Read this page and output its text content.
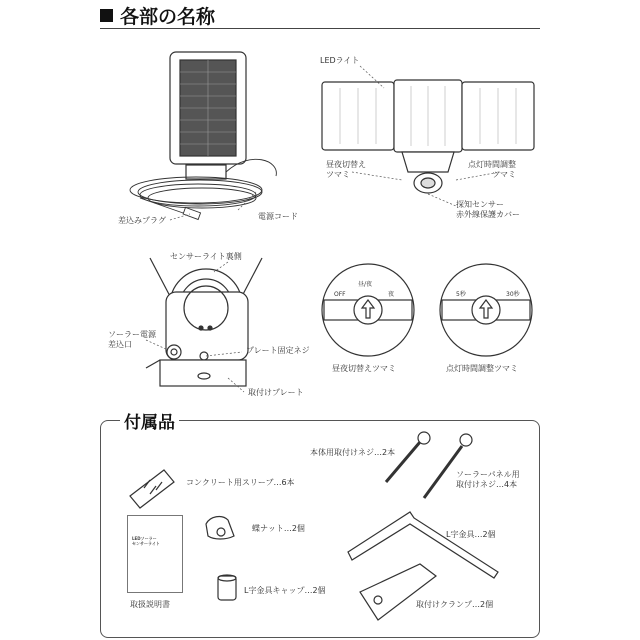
各部の名称
LEDライト
昼夜切替え
ツマミ
点灯時間調整
ツマミ
探知センサー
赤外線保護カバー
差込みプラグ	電源コード
センサーライト裏側
ソーラー電源
差込口
プレート固定ネジ
取付けプレート
昼/夜
OFF	夜
昼夜切替えツマミ
5秒	30秒
点灯時間調整ツマミ
付属品
本体用取付けネジ…2本
ソーラーパネル用
取付けネジ…4本
コンクリート用スリーブ…6本
蝶ナット…2個
L字金具…2個
L字金具キャップ…2個
取付けクランプ…2個
LEDソーラー
センサーライト
取扱説明書
